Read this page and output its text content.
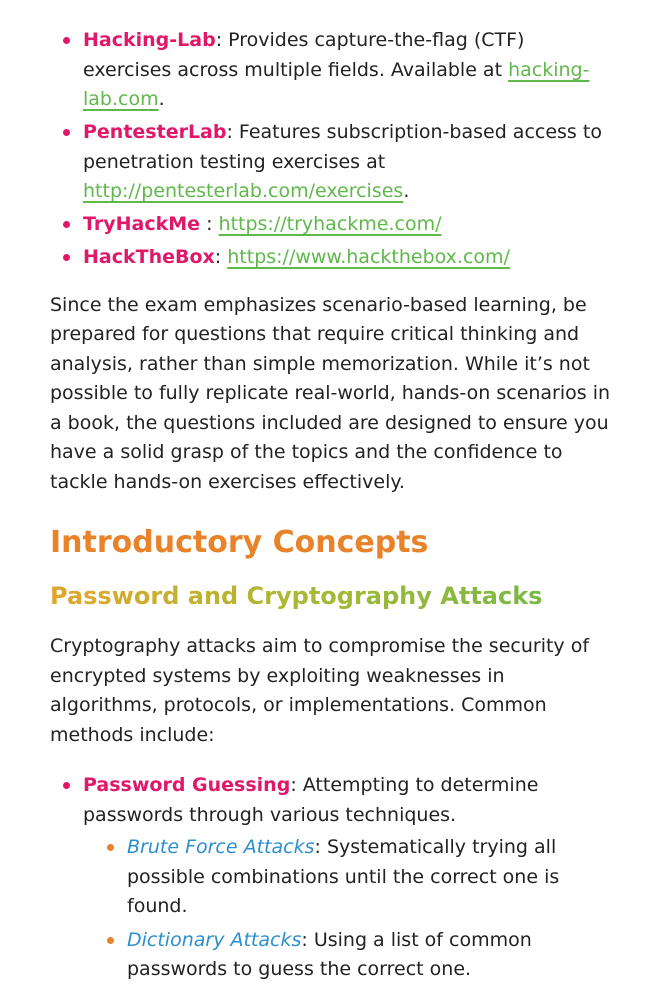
Hacking-Lab: Provides capture-the-flag (CTF) exercises across multiple fields. Available at hacking-lab.com.
PentesterLab: Features subscription-based access to penetration testing exercises at http://pentesterlab.com/exercises.
TryHackMe : https://tryhackme.com/
HackTheBox: https://www.hackthebox.com/

Since the exam emphasizes scenario-based learning, be prepared for questions that require critical thinking and analysis, rather than simple memorization. While it’s not possible to fully replicate real-world, hands-on scenarios in a book, the questions included are designed to ensure you have a solid grasp of the topics and the confidence to tackle hands-on exercises effectively.

Introductory Concepts
Password and Cryptography Attacks

Cryptography attacks aim to compromise the security of encrypted systems by exploiting weaknesses in algorithms, protocols, or implementations. Common methods include:

Password Guessing: Attempting to determine passwords through various techniques.
Brute Force Attacks: Systematically trying all possible combinations until the correct one is found.
Dictionary Attacks: Using a list of common passwords to guess the correct one.
